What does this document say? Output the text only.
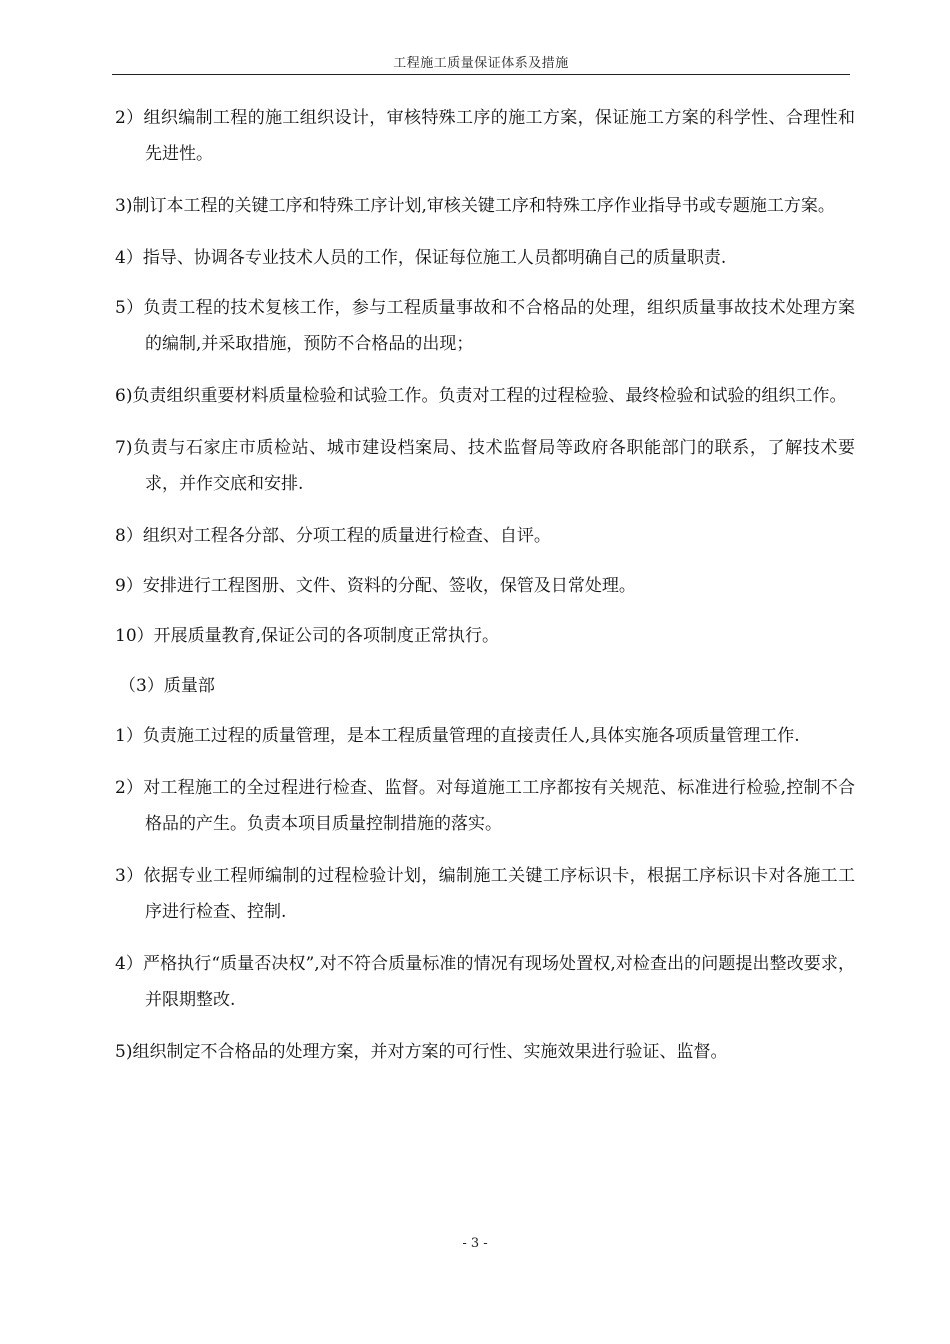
工程施工质量保证体系及措施

2）组织编制工程的施工组织设计，审核特殊工序的施工方案，保证施工方案的科学性、合理性和先进性。

3)制订本工程的关键工序和特殊工序计划,审核关键工序和特殊工序作业指导书或专题施工方案。

4）指导、协调各专业技术人员的工作，保证每位施工人员都明确自己的质量职责.

5）负责工程的技术复核工作，参与工程质量事故和不合格品的处理，组织质量事故技术处理方案的编制,并采取措施，预防不合格品的出现；

6)负责组织重要材料质量检验和试验工作。负责对工程的过程检验、最终检验和试验的组织工作。

7)负责与石家庄市质检站、城市建设档案局、技术监督局等政府各职能部门的联系，了解技术要求，并作交底和安排.

8）组织对工程各分部、分项工程的质量进行检查、自评。

9）安排进行工程图册、文件、资料的分配、签收，保管及日常处理。

10）开展质量教育,保证公司的各项制度正常执行。

（3）质量部

1）负责施工过程的质量管理，是本工程质量管理的直接责任人,具体实施各项质量管理工作.

2）对工程施工的全过程进行检查、监督。对每道施工工序都按有关规范、标准进行检验,控制不合格品的产生。负责本项目质量控制措施的落实。

3）依据专业工程师编制的过程检验计划，编制施工关键工序标识卡，根据工序标识卡对各施工工序进行检查、控制.

4）严格执行“质量否决权”,对不符合质量标准的情况有现场处置权,对检查出的问题提出整改要求，并限期整改.

5)组织制定不合格品的处理方案，并对方案的可行性、实施效果进行验证、监督。

- 3 -
